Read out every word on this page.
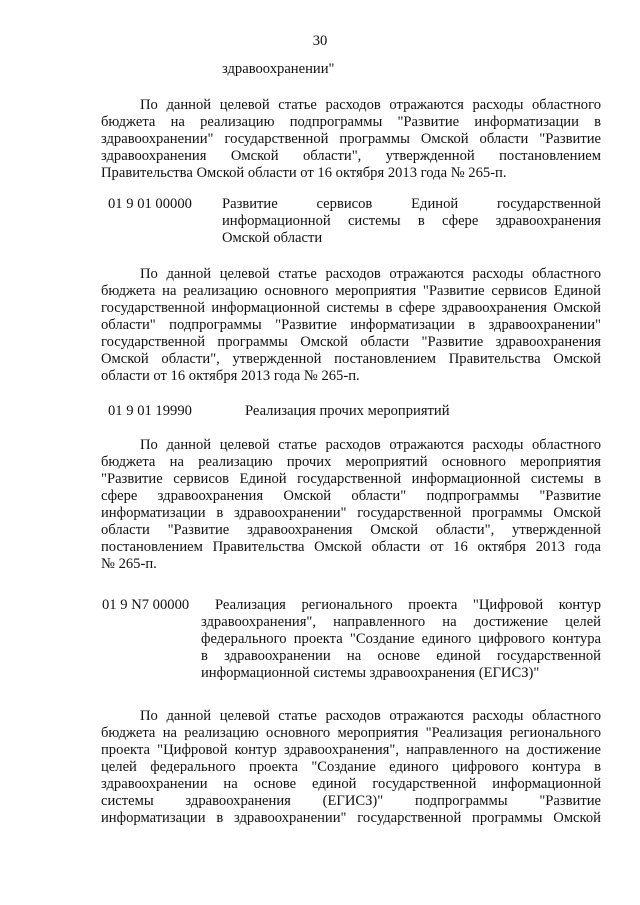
30
здравоохранении"

По данной целевой статье расходов отражаются расходы областного

бюджета на реализацию подпрограммы "Развитие информатизации в

здравоохранении" государственной программы Омской области "Развитие

здравоохранения Омской области", утвержденной постановлением

Правительства Омской области от 16 октября 2013 года № 265-п.

01 9 01 00000 Развитие сервисов Единой государственной

информационной системы в сфере здравоохранения

Омской области

По данной целевой статье расходов отражаются расходы областного

бюджета на реализацию основного мероприятия "Развитие сервисов Единой

государственной информационной системы в сфере здравоохранения Омской

области" подпрограммы "Развитие информатизации в здравоохранении"

государственной программы Омской области "Развитие здравоохранения

Омской области", утвержденной постановлением Правительства Омской

области от 16 октября 2013 года № 265-п.

01 9 01 19990	Реализация прочих мероприятий

По данной целевой статье расходов отражаются расходы областного

бюджета на реализацию прочих мероприятий основного мероприятия

"Развитие сервисов Единой государственной информационной системы в

сфере здравоохранения Омской области" подпрограммы "Развитие

информатизации в здравоохранении" государственной программы Омской

области "Развитие здравоохранения Омской области", утвержденной

постановлением Правительства Омской области от 16 октября 2013 года

№ 265-п.

01 9 N7 00000	Реализация регионального проекта "Цифровой контур

здравоохранения", направленного на достижение целей

федерального проекта "Создание единого цифрового контура

в здравоохранении на основе единой государственной

информационной системы здравоохранения (ЕГИСЗ)"

По данной целевой статье расходов отражаются расходы областного

бюджета на реализацию основного мероприятия "Реализация регионального

проекта "Цифровой контур здравоохранения", направленного на достижение

целей федерального проекта "Создание единого цифрового контура в

здравоохранении на основе единой государственной информационной

системы здравоохранения (ЕГИСЗ)" подпрограммы "Развитие

информатизации в здравоохранении" государственной программы Омской
